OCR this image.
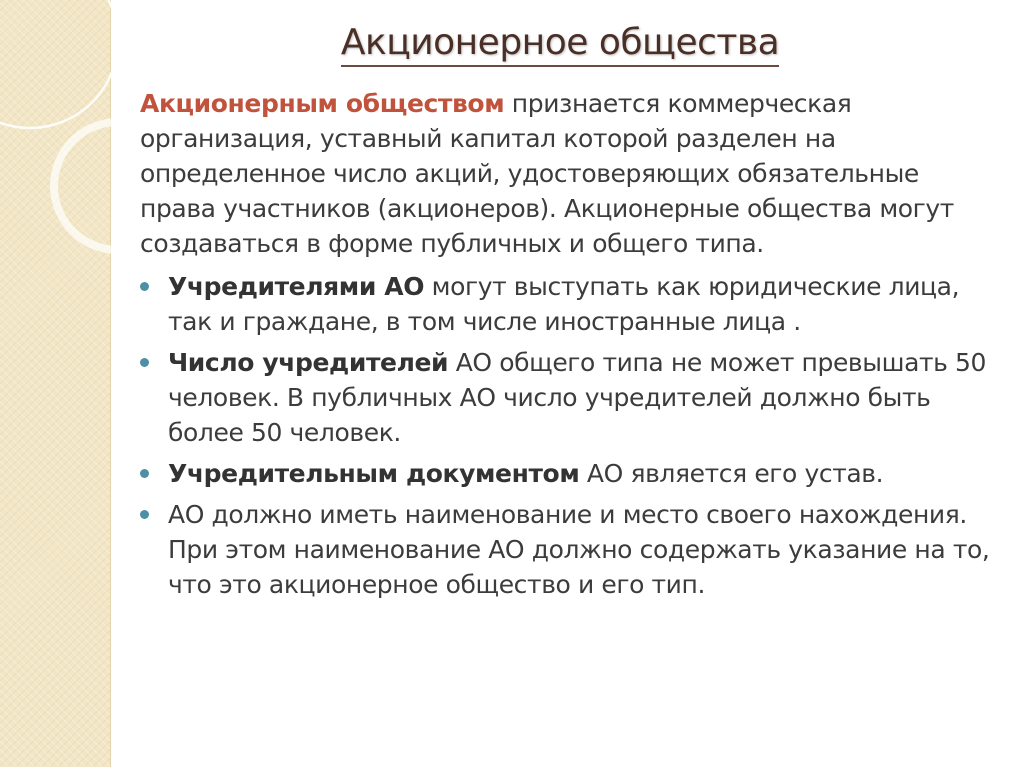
Акционерное общества

Акционерным обществом признается коммерческая организация, уставный капитал которой разделен на определенное число акций, удостоверяющих обязательные права участников (акционеров). Акционерные общества могут создаваться в форме публичных и общего типа.

Учредителями АО могут выступать как юридические лица, так и граждане, в том числе иностранные лица .
Число учредителей АО общего типа не может превышать 50 человек. В публичных АО число учредителей должно быть более 50 человек.
Учредительным документом АО является его устав.
АО должно иметь наименование и место своего нахождения. При этом наименование АО должно содержать указание на то, что это акционерное общество и его тип.
